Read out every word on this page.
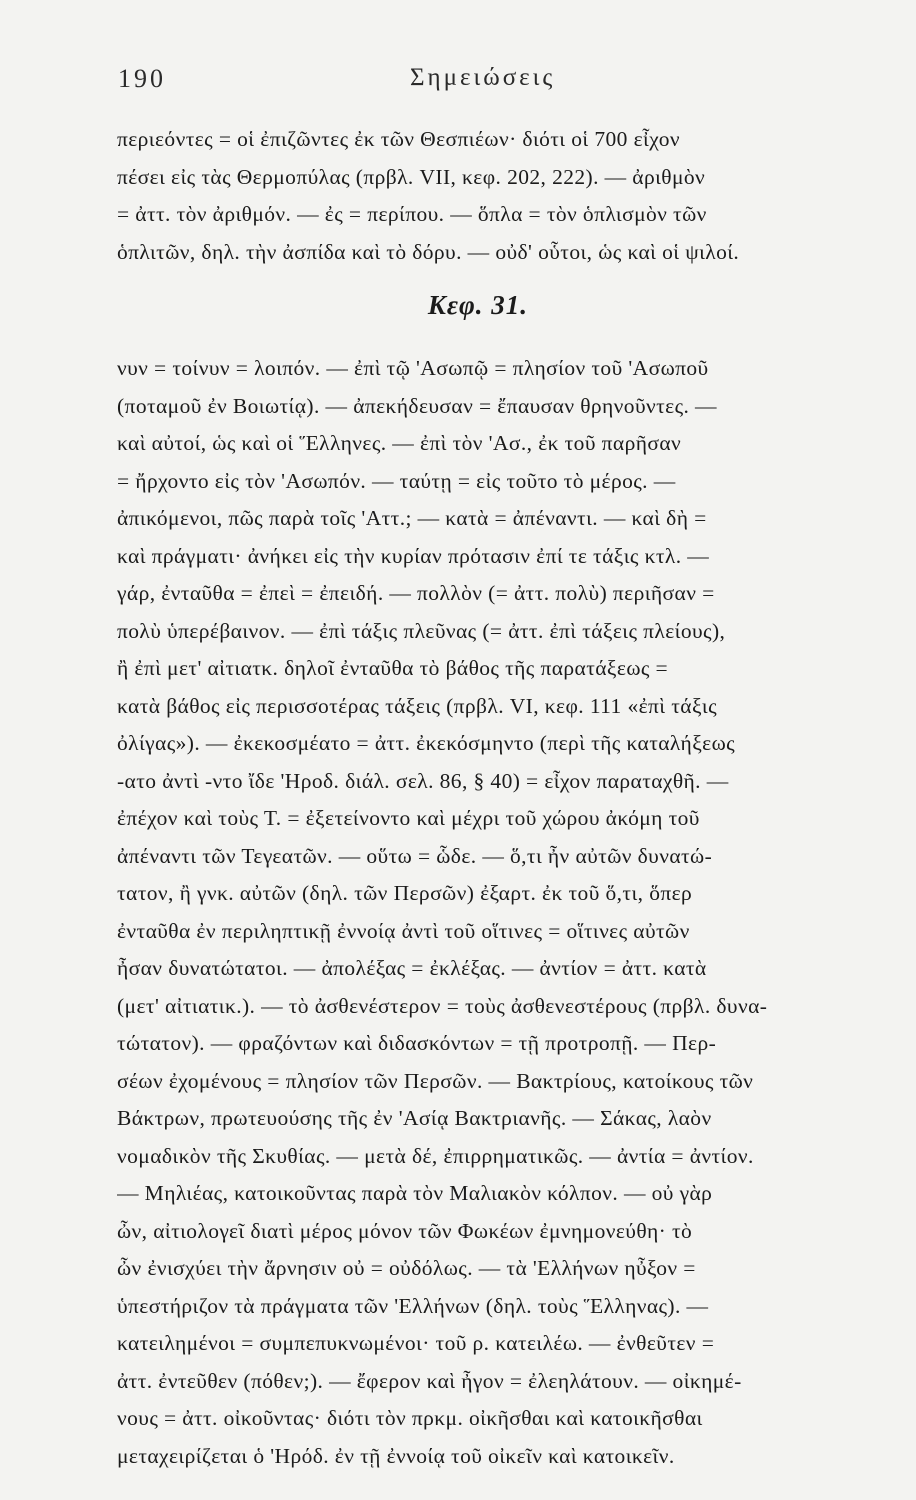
190	Σημειώσεις
περιεόντες = οἱ ἐπιζῶντες ἐκ τῶν Θεσπιέων· διότι οἱ 700 εἶχον
πέσει εἰς τὰς Θερμοπύλας (πρβλ. VII, κεφ. 202, 222). — ἀριθμὸν
= ἀττ. τὸν ἀριθμόν. — ἐς = περίπου. — ὅπλα = τὸν ὁπλισμὸν τῶν
ὁπλιτῶν, δηλ. τὴν ἀσπίδα καὶ τὸ δόρυ. — οὐδ' οὗτοι, ὡς καὶ οἱ ψιλοί.
Κεφ. 31.
νυν = τοίνυν = λοιπόν. — ἐπὶ τῷ 'Ασωπῷ = πλησίον τοῦ 'Ασωποῦ
(ποταμοῦ ἐν Βοιωτίᾳ). — ἀπεκήδευσαν = ἔπαυσαν θρηνοῦντες. —
καὶ αὐτοί, ὡς καὶ οἱ Ἕλληνες. — ἐπὶ τὸν 'Ασ., ἐκ τοῦ παρῆσαν
= ἤρχοντο εἰς τὸν 'Ασωπόν. — ταύτῃ = εἰς τοῦτο τὸ μέρος. —
ἀπικόμενοι, πῶς παρὰ τοῖς 'Αττ.; — κατὰ = ἀπέναντι. — καὶ δὴ =
καὶ πράγματι· ἀνήκει εἰς τὴν κυρίαν πρότασιν ἐπί τε τάξις κτλ. —
γάρ, ἐνταῦθα = ἐπεὶ = ἐπειδή. — πολλὸν (= ἀττ. πολὺ) περιῆσαν =
πολὺ ὑπερέβαινον. — ἐπὶ τάξις πλεῦνας (= ἀττ. ἐπὶ τάξεις πλείους),
ἢ ἐπὶ μετ' αἰτιατκ. δηλοῖ ἐνταῦθα τὸ βάθος τῆς παρατάξεως =
κατὰ βάθος εἰς περισσοτέρας τάξεις (πρβλ. VI, κεφ. 111 «ἐπὶ τάξις
ὀλίγας»). — ἐκεκοσμέατο = ἀττ. ἐκεκόσμηντο (περὶ τῆς καταλήξεως
-ατο ἀντὶ -ντο ἴδε 'Ηροδ. διάλ. σελ. 86, § 40) = εἶχον παραταχθῆ. —
ἐπέχον καὶ τοὺς Τ. = ἐξετείνοντο καὶ μέχρι τοῦ χώρου ἀκόμη τοῦ
ἀπέναντι τῶν Τεγεατῶν. — οὕτω = ὧδε. — ὅ,τι ἦν αὐτῶν δυνατώ-
τατον, ἢ γνκ. αὐτῶν (δηλ. τῶν Περσῶν) ἐξαρτ. ἐκ τοῦ ὅ,τι, ὅπερ
ἐνταῦθα ἐν περιληπτικῇ ἐννοίᾳ ἀντὶ τοῦ οἵτινες = οἵτινες αὐτῶν
ἦσαν δυνατώτατοι. — ἀπολέξας = ἐκλέξας. — ἀντίον = ἀττ. κατὰ
(μετ' αἰτιατικ.). — τὸ ἀσθενέστερον = τοὺς ἀσθενεστέρους (πρβλ. δυνα-
τώτατον). — φραζόντων καὶ διδασκόντων = τῇ προτροπῇ. — Περ-
σέων ἐχομένους = πλησίον τῶν Περσῶν. — Βακτρίους, κατοίκους τῶν
Βάκτρων, πρωτευούσης τῆς ἐν 'Ασίᾳ Βακτριανῆς. — Σάκας, λαὸν
νομαδικὸν τῆς Σκυθίας. — μετὰ δέ, ἐπιρρηματικῶς. — ἀντία = ἀντίον.
— Μηλιέας, κατοικοῦντας παρὰ τὸν Μαλιακὸν κόλπον. — οὐ γὰρ
ὦν, αἰτιολογεῖ διατὶ μέρος μόνον τῶν Φωκέων ἐμνημονεύθη· τὸ
ὦν ἐνισχύει τὴν ἄρνησιν οὐ = οὐδόλως. — τὰ 'Ελλήνων ηὖξον =
ὑπεστήριζον τὰ πράγματα τῶν 'Ελλήνων (δηλ. τοὺς Ἕλληνας). —
κατειλημένοι = συμπεπυκνωμένοι· τοῦ ρ. κατειλέω. — ἐνθεῦτεν =
ἀττ. ἐντεῦθεν (πόθεν;). — ἔφερον καὶ ἦγον = ἐλεηλάτουν. — οἰκημέ-
νους = ἀττ. οἰκοῦντας· διότι τὸν πρκμ. οἰκῆσθαι καὶ κατοικῆσθαι
μεταχειρίζεται ὁ 'Ηρόδ. ἐν τῇ ἐννοίᾳ τοῦ οἰκεῖν καὶ κατοικεῖν.
